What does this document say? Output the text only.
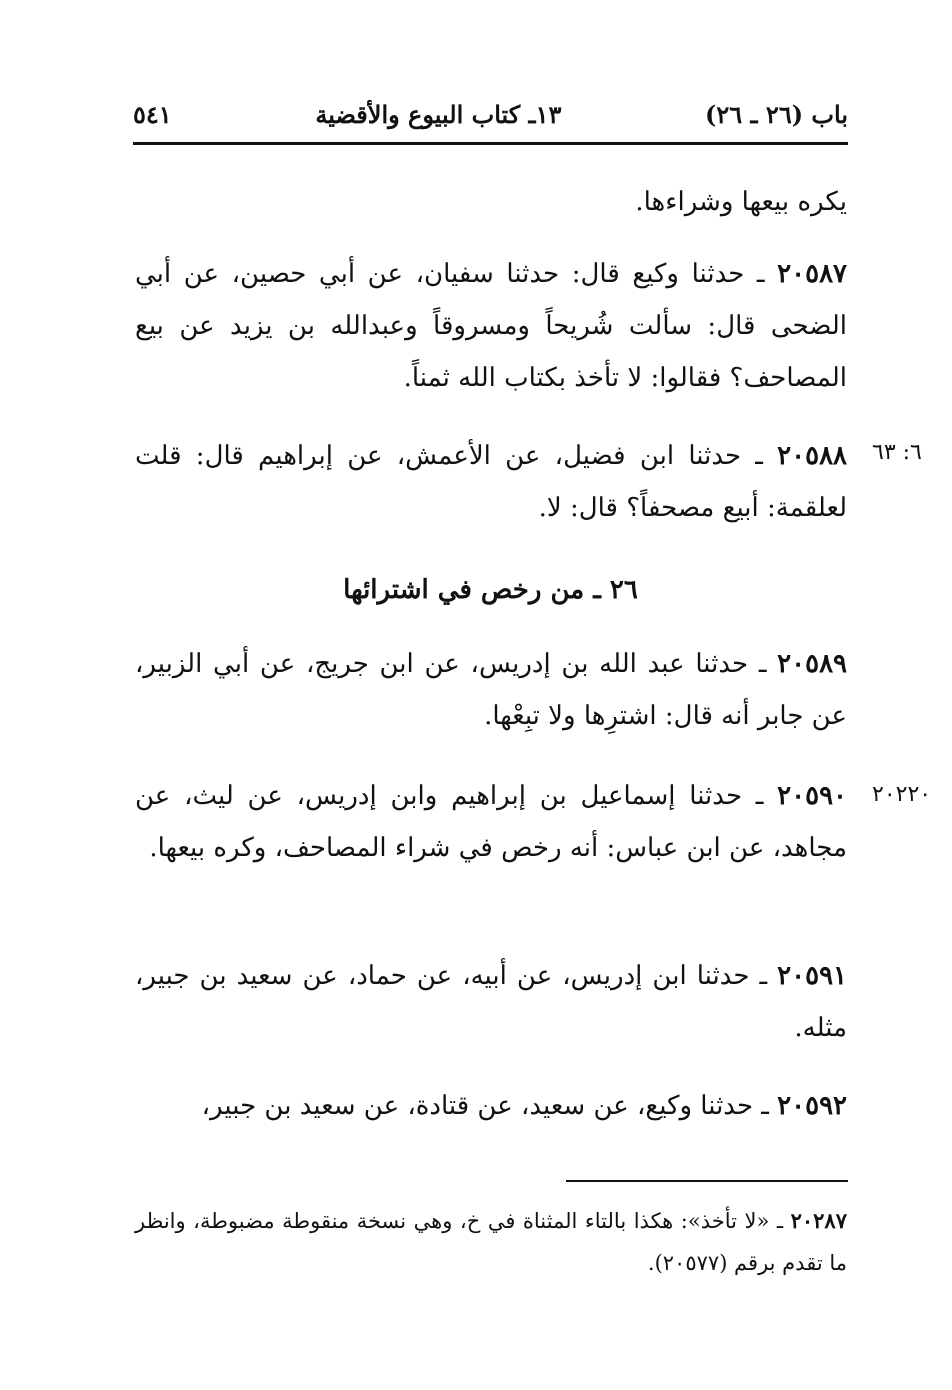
باب (٢٦ ـ ٢٦)
١٣ـ كتاب البيوع والأقضية
٥٤١
يكره بيعها وشراءها.
٢٠٥٨٧ ـ حدثنا وكيع قال: حدثنا سفيان، عن أبي حصين، عن أبي الضحى قال: سألت شُريحاً ومسروقاً وعبدالله بن يزيد عن بيع المصاحف؟ فقالوا: لا تأخذ بكتاب الله ثمناً.
٢٠٥٨٨ ـ حدثنا ابن فضيل، عن الأعمش، عن إبراهيم قال: قلت لعلقمة: أبيع مصحفاً؟ قال: لا.
٦: ٦٣
٢٦ ـ من رخص في اشترائها
٢٠٥٨٩ ـ حدثنا عبد الله بن إدريس، عن ابن جريج، عن أبي الزبير، عن جابر أنه قال: اشترِها ولا تبِعْها.
٢٠٥٩٠ ـ حدثنا إسماعيل بن إبراهيم وابن إدريس، عن ليث، عن مجاهد، عن ابن عباس: أنه رخص في شراء المصاحف، وكره بيعها.
٢٠٢٢٠
٢٠٥٩١ ـ حدثنا ابن إدريس، عن أبيه، عن حماد، عن سعيد بن جبير، مثله.
٢٠٥٩٢ ـ حدثنا وكيع، عن سعيد، عن قتادة، عن سعيد بن جبير،
٢٠٢٨٧ ـ «لا تأخذ»: هكذا بالتاء المثناة في خ، وهي نسخة منقوطة مضبوطة، وانظر ما تقدم برقم (٢٠٥٧٧).
